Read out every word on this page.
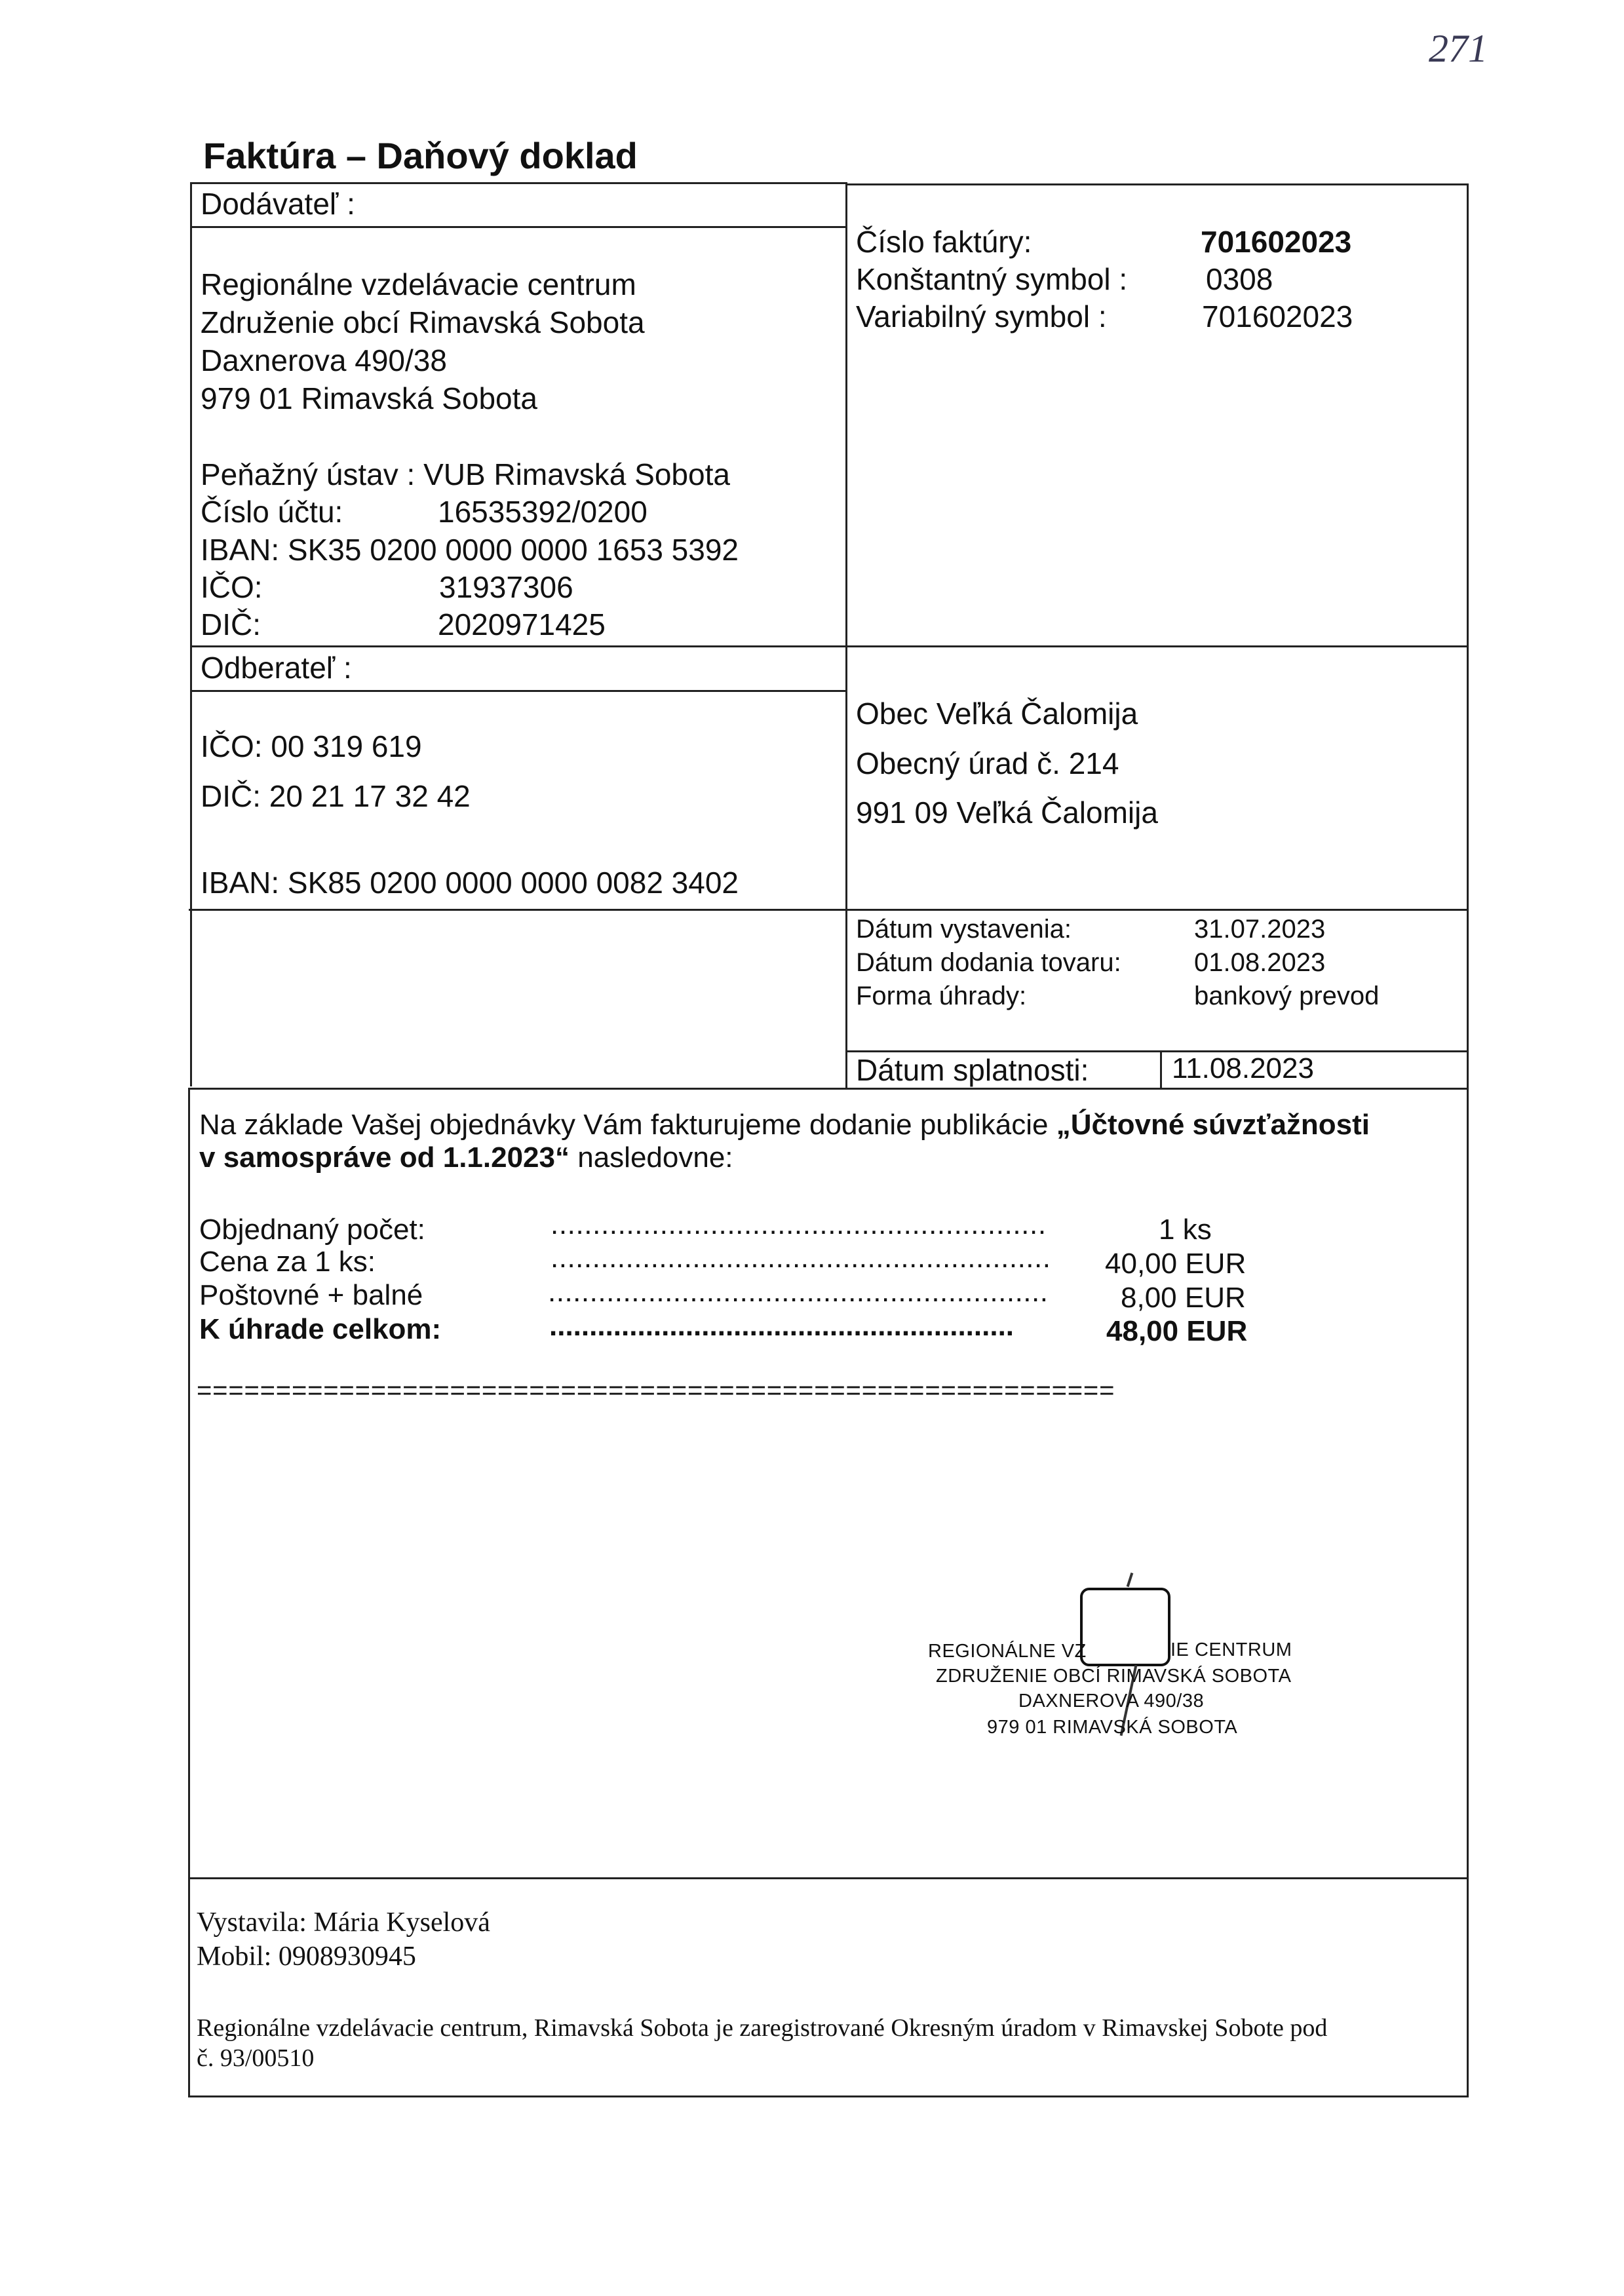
271
Faktúra – Daňový doklad
Dodávateľ :
Regionálne vzdelávacie centrum
Združenie obcí Rimavská Sobota
Daxnerova 490/38
979 01 Rimavská Sobota
Peňažný ústav : VUB Rimavská Sobota
Číslo účtu:	16535392/0200
IBAN: SK35 0200 0000 0000 1653 5392
IČO:	31937306
DIČ:	2020971425
Číslo faktúry:	701602023
Konštantný symbol :	0308
Variabilný symbol :	701602023
Odberateľ :
IČO: 00 319 619
DIČ: 20 21 17 32 42
IBAN: SK85 0200 0000 0000 0082 3402
Obec Veľká Čalomija
Obecný úrad č. 214
991 09 Veľká Čalomija
Dátum vystavenia:	31.07.2023
Dátum dodania tovaru:	01.08.2023
Forma úhrady:	bankový prevod
Dátum splatnosti:	11.08.2023
Na základe Vašej objednávky Vám fakturujeme dodanie publikácie „Účtovné súvzťažnosti
v samospráve od 1.1.2023“ nasledovne:
Objednaný počet:	...........................................................	1 ks
Cena za 1 ks:	............................................................ 40,00 EUR
Poštovné + balné	............................................................	8,00 EUR
K úhrade celkom:	..........................................................	48,00 EUR
==========================================================
REGIONÁLNE VZ	IE CENTRUM
ZDRUŽENIE OBCÍ RIMAVSKÁ SOBOTA
DAXNEROVA 490/38
979 01 RIMAVSKÁ SOBOTA
Vystavila: Mária Kyselová
Mobil: 0908930945
Regionálne vzdelávacie centrum, Rimavská Sobota je zaregistrované Okresným úradom v Rimavskej Sobote pod
č. 93/00510
